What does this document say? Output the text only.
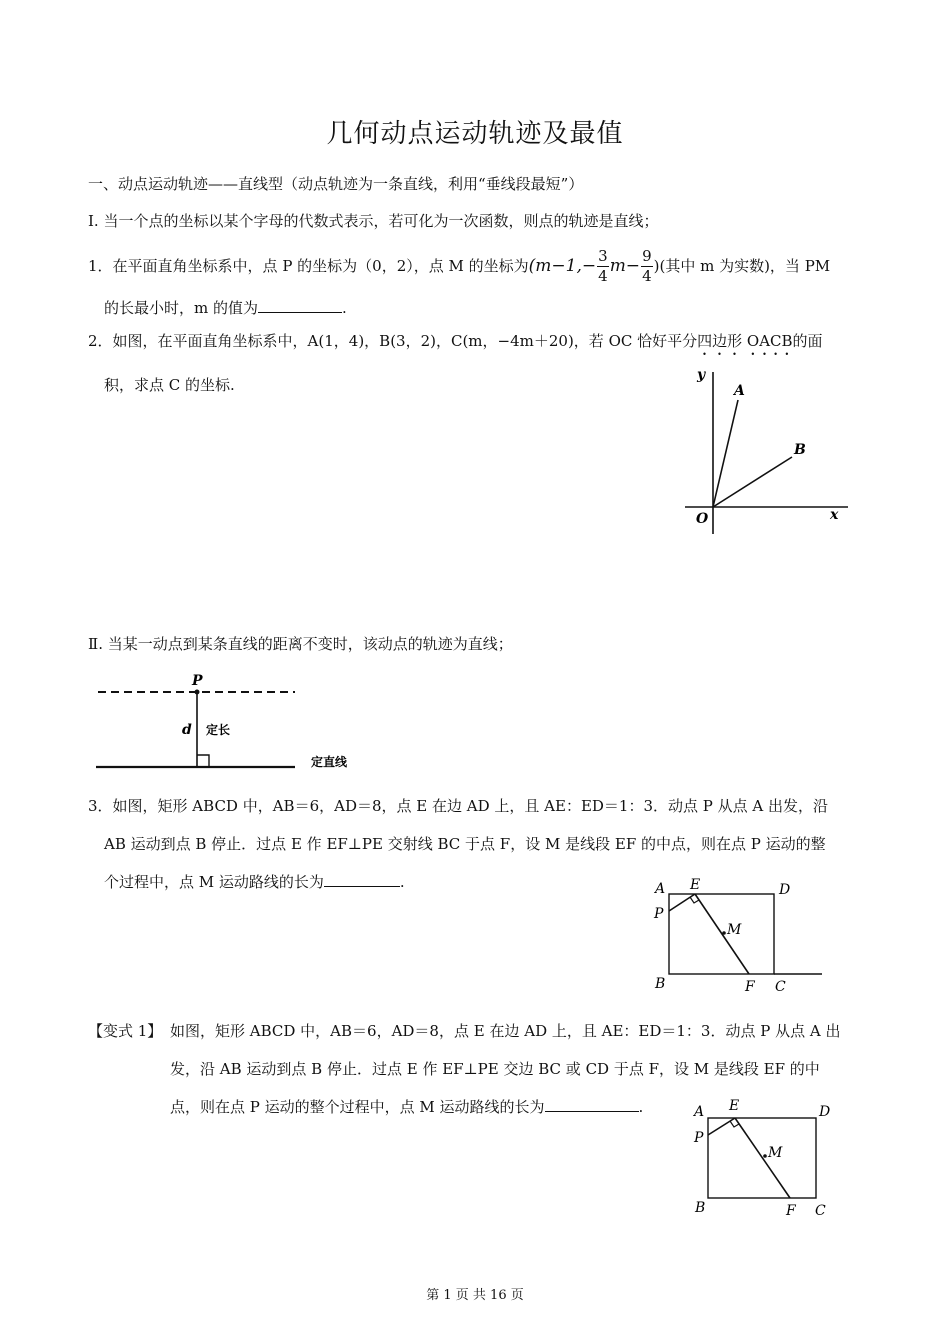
几何动点运动轨迹及最值
一、动点运动轨迹——直线型（动点轨迹为一条直线，利用“垂线段最短”）
Ⅰ. 当一个点的坐标以某个字母的代数式表示，若可化为一次函数，则点的轨迹是直线；
1．在平面直角坐标系中，点 P 的坐标为（0，2），点 M 的坐标为 ($m-1,- \frac{3}{4} m- \frac{9}{4}$ )(其中 m 为实数)，当 PM
的长最小时，m 的值为	.
2．如图，在平面直角坐标系中，A(1，4)，B(3，2)，C(m，−4m＋20)，若 OC 恰好平分四边形 OACB的面
积，求点 C 的坐标.
y
x
O
A
B
Ⅱ. 当某一动点到某条直线的距离不变时，该动点的轨迹为直线；
P
d 定长
定直线
3．如图，矩形 ABCD 中，AB＝6，AD＝8，点 E 在边 AD 上，且 AE：ED＝1：3．动点 P 从点 A 出发，沿
AB 运动到点 B 停止．过点 E 作 EF⊥PE 交射线 BC 于点 F，设 M 是线段 EF 的中点，则在点 P 运动的整
个过程中，点 M 运动路线的长为	.	A E	D
P
M
B	F C
【变式 1】 如图，矩形 ABCD 中，AB＝6，AD＝8，点 E 在边 AD 上，且 AE：ED＝1：3．动点 P 从点 A 出
发，沿 AB 运动到点 B 停止．过点 E 作 EF⊥PE 交边 BC 或 CD 于点 F，设 M 是线段 EF 的中
点，则在点 P 运动的整个过程中，点 M 运动路线的长为	.	A E	D
P
M
B	F C
第 1 页 共 16 页
